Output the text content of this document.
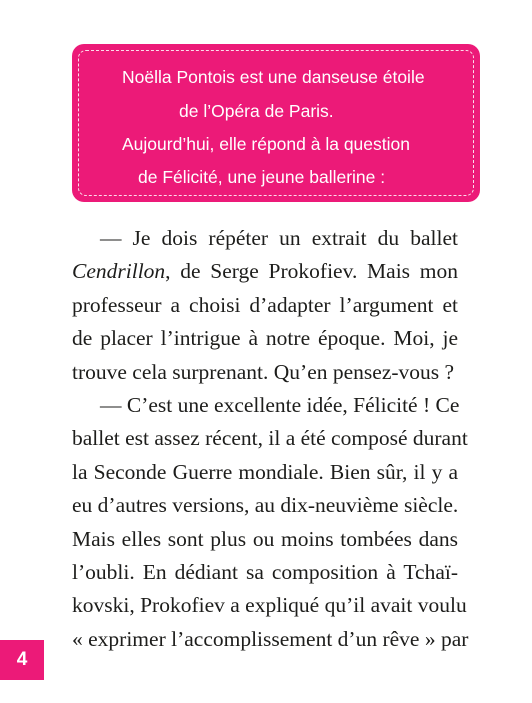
Noëlla Pontois est une danseuse étoile
de l’Opéra de Paris.
Aujourd’hui, elle répond à la question
de Félicité, une jeune ballerine :
— Je dois répéter un extrait du ballet
Cendrillon, de Serge Prokofiev. Mais mon
professeur a choisi d’adapter l’argument et
de placer l’intrigue à notre époque. Moi, je
trouve cela surprenant. Qu’en pensez-vous ?
— C’est une excellente idée, Félicité ! Ce
ballet est assez récent, il a été composé durant
la Seconde Guerre mondiale. Bien sûr, il y a
eu d’autres versions, au dix-neuvième siècle.
Mais elles sont plus ou moins tombées dans
l’oubli. En dédiant sa composition à Tchaï-
kovski, Prokofiev a expliqué qu’il avait voulu
« exprimer l’accomplissement d’un rêve » par
4
